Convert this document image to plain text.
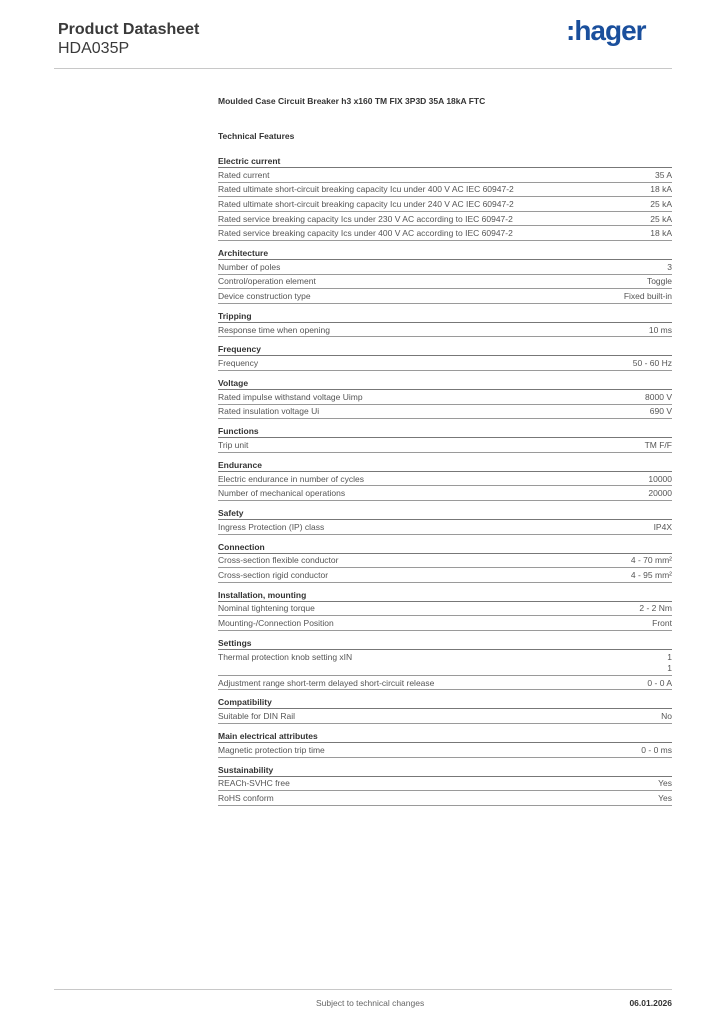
Product Datasheet
HDA035P
:hager
Moulded Case Circuit Breaker h3 x160 TM FIX 3P3D 35A 18kA FTC
Technical Features
Electric current
Rated current	35 A
Rated ultimate short-circuit breaking capacity Icu under 400 V AC IEC 60947-2	18 kA
Rated ultimate short-circuit breaking capacity Icu under 240 V AC IEC 60947-2	25 kA
Rated service breaking capacity Ics under 230 V AC according to IEC 60947-2	25 kA
Rated service breaking capacity Ics under 400 V AC according to IEC 60947-2	18 kA
Architecture
Number of poles	3
Control/operation element	Toggle
Device construction type	Fixed built-in
Tripping
Response time when opening	10 ms
Frequency
Frequency	50 - 60 Hz
Voltage
Rated impulse withstand voltage Uimp	8000 V
Rated insulation voltage Ui	690 V
Functions
Trip unit	TM F/F
Endurance
Electric endurance in number of cycles	10000
Number of mechanical operations	20000
Safety
Ingress Protection (IP) class	IP4X
Connection
Cross-section flexible conductor	4 - 70 mm²
Cross-section rigid conductor	4 - 95 mm²
Installation, mounting
Nominal tightening torque	2 - 2 Nm
Mounting-/Connection Position	Front
Settings
Thermal protection knob setting xIN	1
1
Adjustment range short-term delayed short-circuit release	0 - 0 A
Compatibility
Suitable for DIN Rail	No
Main electrical attributes
Magnetic protection trip time	0 - 0 ms
Sustainability
REACh-SVHC free	Yes
RoHS conform	Yes
Subject to technical changes	06.01.2026
